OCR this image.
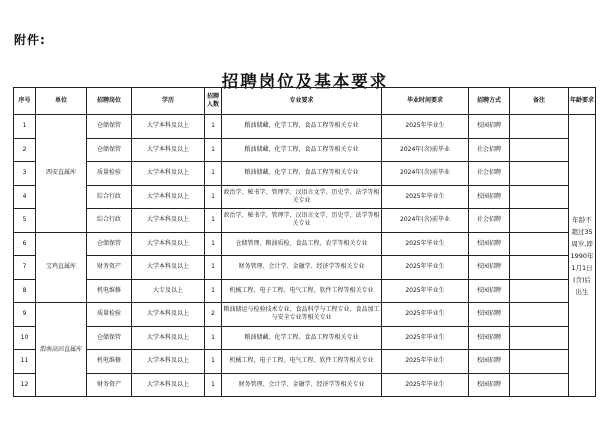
附件:
招聘岗位及基本要求
序号	单位	招聘岗位	学历	招聘人数	专业要求	毕业时间要求	招聘方式	备注	年龄要求
1	西安直属库	仓储保管	大学本科及以上	1	粮油储藏、化学工程、食品工程等相关专业	2025年毕业生	校园招聘		年龄不超过35周岁,即1990年1月1日(含)后出生
2		仓储保管	大学本科及以上	1	粮油储藏、化学工程、食品工程等相关专业	2024年(含)前毕业	社会招聘		
3		质量检验	大学本科及以上	1	粮油储藏、化学工程、食品工程等相关专业	2024年(含)前毕业	社会招聘		
4		综合行政	大学本科及以上	1	政治学、秘书学、管理学、汉语言文学、历史学、法学等相关专业	2025年毕业生	校园招聘		
5		综合行政	大学本科及以上	1	政治学、秘书学、管理学、汉语言文学、历史学、法学等相关专业	2024年(含)前毕业	社会招聘		
6	宝鸡直属库	仓储保管	大学本科及以上	1	仓储管理、粮油质检、食品工程、农学等相关专业	2025年毕业生	校园招聘		
7		财务资产	大学本科及以上	1	财务管理、会计学、金融学、经济学等相关专业	2025年毕业生	校园招聘		
8		机电维修	大专及以上	1	机械工程、电子工程、电气工程、软件工程等相关专业	2025年毕业生	校园招聘		
9	渭南高田直属库	质量检验	大学本科及以上	2	粮油储运与检验技术专业、食品科学与工程专业、食品加工与安全专业等相关专业	2025年毕业生	校园招聘		
10		仓储保管	大学本科及以上	1	粮油储藏、化学工程、食品工程等相关专业	2025年毕业生	校园招聘		
11		机电维修	大学本科及以上	1	机械工程、电子工程、电气工程、软件工程等相关专业	2025年毕业生	校园招聘		
12		财务资产	大学本科及以上	1	财务管理、会计学、金融学、经济学等相关专业	2025年毕业生	校园招聘		
